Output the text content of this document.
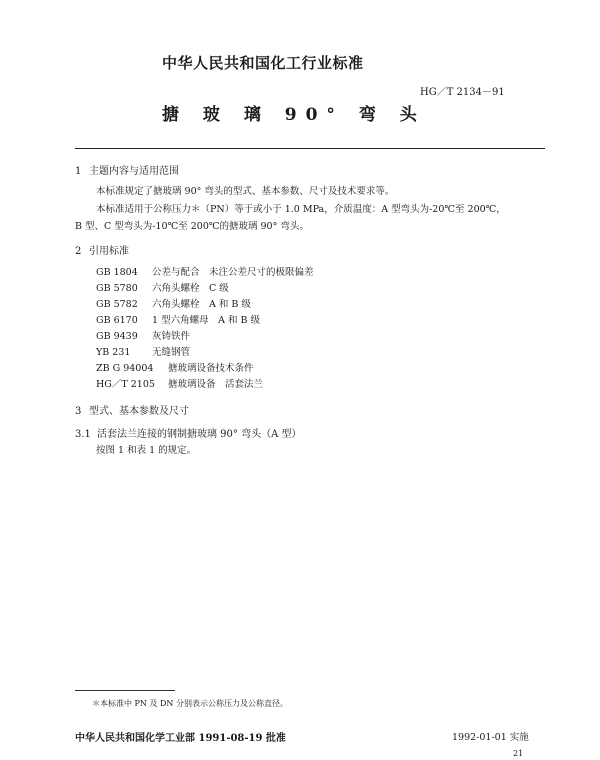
中华人民共和国化工行业标准
HG／T 2134－91
搪 玻 璃 90° 弯 头
1 主题内容与适用范围
本标准规定了搪玻璃 90° 弯头的型式、基本参数、尺寸及技术要求等。
本标准适用于公称压力＊（PN）等于或小于 1.0 MPa，介质温度：A 型弯头为-20℃至 200℃，
B 型、C 型弯头为-10℃至 200℃的搪玻璃 90° 弯头。
2 引用标准
GB 1804 公差与配合　未注公差尺寸的极限偏差
GB 5780 六角头螺栓　C 级
GB 5782 六角头螺栓　A 和 B 级
GB 6170 1 型六角螺母　A 和 B 级
GB 9439 灰铸铁件
YB 231 无缝钢管
ZB G 94004 搪玻璃设备技术条件
HG／T 2105 搪玻璃设备　活套法兰
3 型式、基本参数及尺寸
3.1 活套法兰连接的钢制搪玻璃 90° 弯头（A 型）
按图 1 和表 1 的规定。
＊本标准中 PN 及 DN 分别表示公称压力及公称直径。
中华人民共和国化学工业部 1991-08-19 批准	1992-01-01 实施
21
